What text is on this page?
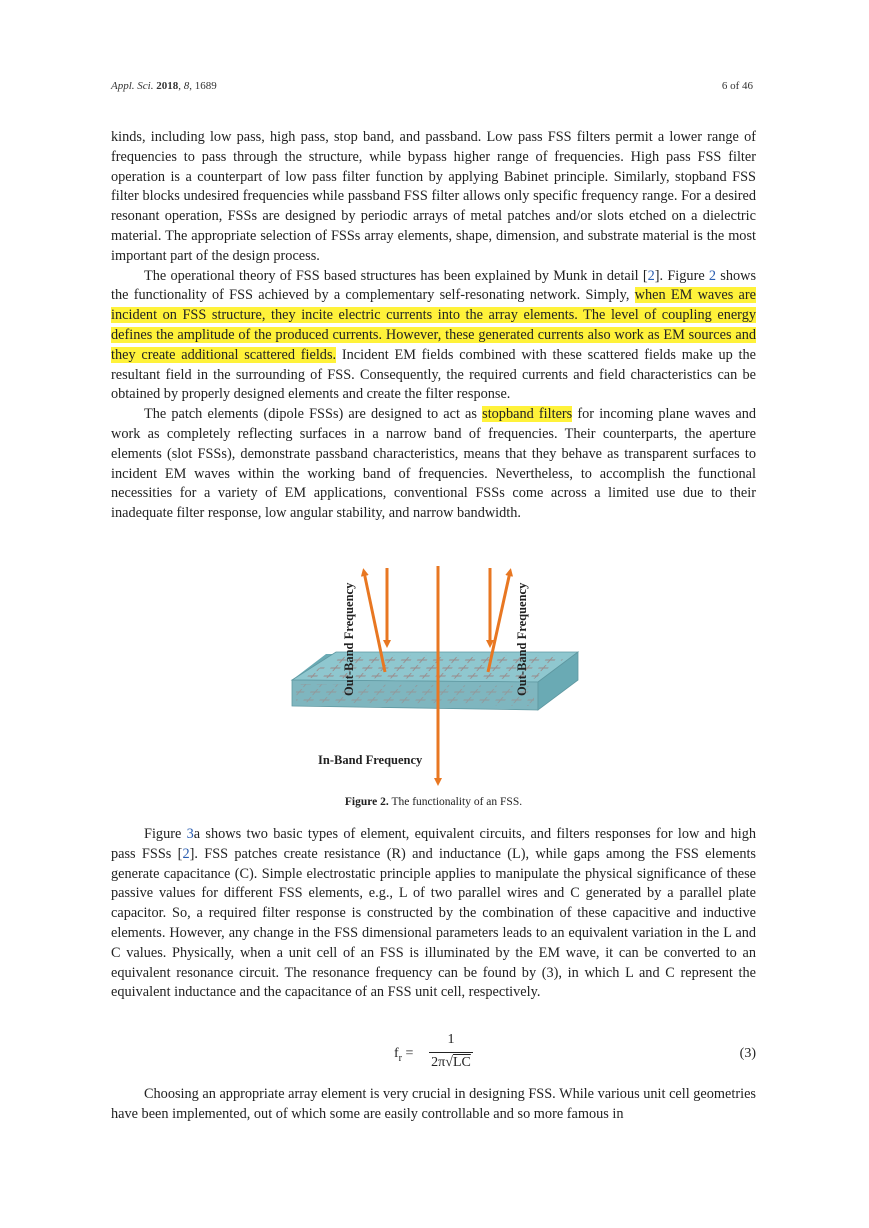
Appl. Sci. 2018, 8, 1689	6 of 46

kinds, including low pass, high pass, stop band, and passband. Low pass FSS filters permit a lower range of frequencies to pass through the structure, while bypass higher range of frequencies. High pass FSS filter operation is a counterpart of low pass filter function by applying Babinet principle. Similarly, stopband FSS filter blocks undesired frequencies while passband FSS filter allows only specific frequency range. For a desired resonant operation, FSSs are designed by periodic arrays of metal patches and/or slots etched on a dielectric material. The appropriate selection of FSSs array elements, shape, dimension, and substrate material is the most important part of the design process.

The operational theory of FSS based structures has been explained by Munk in detail [2]. Figure 2 shows the functionality of FSS achieved by a complementary self-resonating network. Simply, when EM waves are incident on FSS structure, they incite electric currents into the array elements. The level of coupling energy defines the amplitude of the produced currents. However, these generated currents also work as EM sources and they create additional scattered fields. Incident EM fields combined with these scattered fields make up the resultant field in the surrounding of FSS. Consequently, the required currents and field characteristics can be obtained by properly designed elements and create the filter response.

The patch elements (dipole FSSs) are designed to act as stopband filters for incoming plane waves and work as completely reflecting surfaces in a narrow band of frequencies. Their counterparts, the aperture elements (slot FSSs), demonstrate passband characteristics, means that they behave as transparent surfaces to incident EM waves within the working band of frequencies. Nevertheless, to accomplish the functional necessities for a variety of EM applications, conventional FSSs come across a limited use due to their inadequate filter response, low angular stability, and narrow bandwidth.

Out-Band Frequency	Out-Band Frequency
In-Band Frequency
Figure 2. The functionality of an FSS.

Figure 3a shows two basic types of element, equivalent circuits, and filters responses for low and high pass FSSs [2]. FSS patches create resistance (R) and inductance (L), while gaps among the FSS elements generate capacitance (C). Simple electrostatic principle applies to manipulate the physical significance of these passive values for different FSS elements, e.g., L of two parallel wires and C generated by a parallel plate capacitor. So, a required filter response is constructed by the combination of these capacitive and inductive elements. However, any change in the FSS dimensional parameters leads to an equivalent variation in the L and C values. Physically, when a unit cell of an FSS is illuminated by the EM wave, it can be converted to an equivalent resonance circuit. The resonance frequency can be found by (3), in which L and C represent the equivalent inductance and the capacitance of an FSS unit cell, respectively.

$f_r$ =
1
2π√LC
(3)

Choosing an appropriate array element is very crucial in designing FSS. While various unit cell geometries have been implemented, out of which some are easily controllable and so more famous in
